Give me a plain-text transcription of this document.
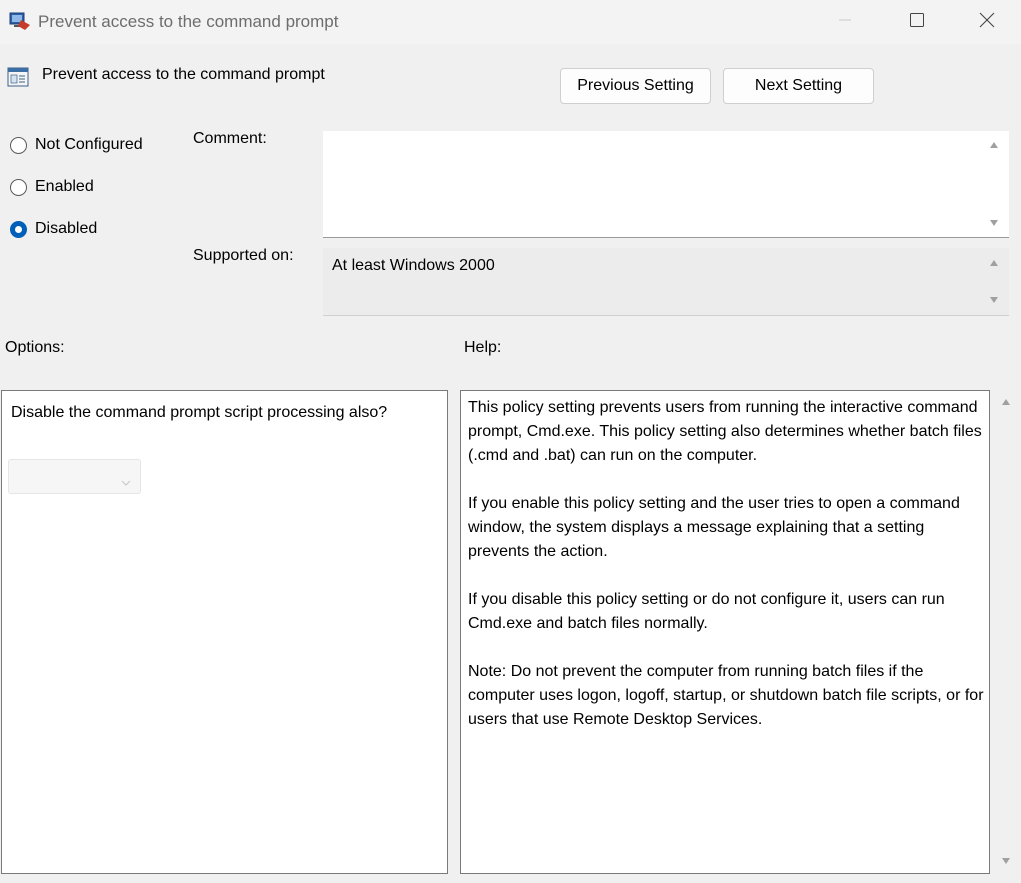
Prevent access to the command prompt
Prevent access to the command prompt
Previous Setting	Next Setting
Not Configured
Enabled
Disabled
Comment:
Supported on:
At least Windows 2000
Options:	Help:
Disable the command prompt script processing also?	This policy setting prevents users from running the interactive command prompt, Cmd.exe. This policy setting also determines whether batch files (.cmd and .bat) can run on the computer.

If you enable this policy setting and the user tries to open a command window, the system displays a message explaining that a setting prevents the action.

If you disable this policy setting or do not configure it, users can run Cmd.exe and batch files normally.

Note: Do not prevent the computer from running batch files if the computer uses logon, logoff, startup, or shutdown batch file scripts, or for users that use Remote Desktop Services.
